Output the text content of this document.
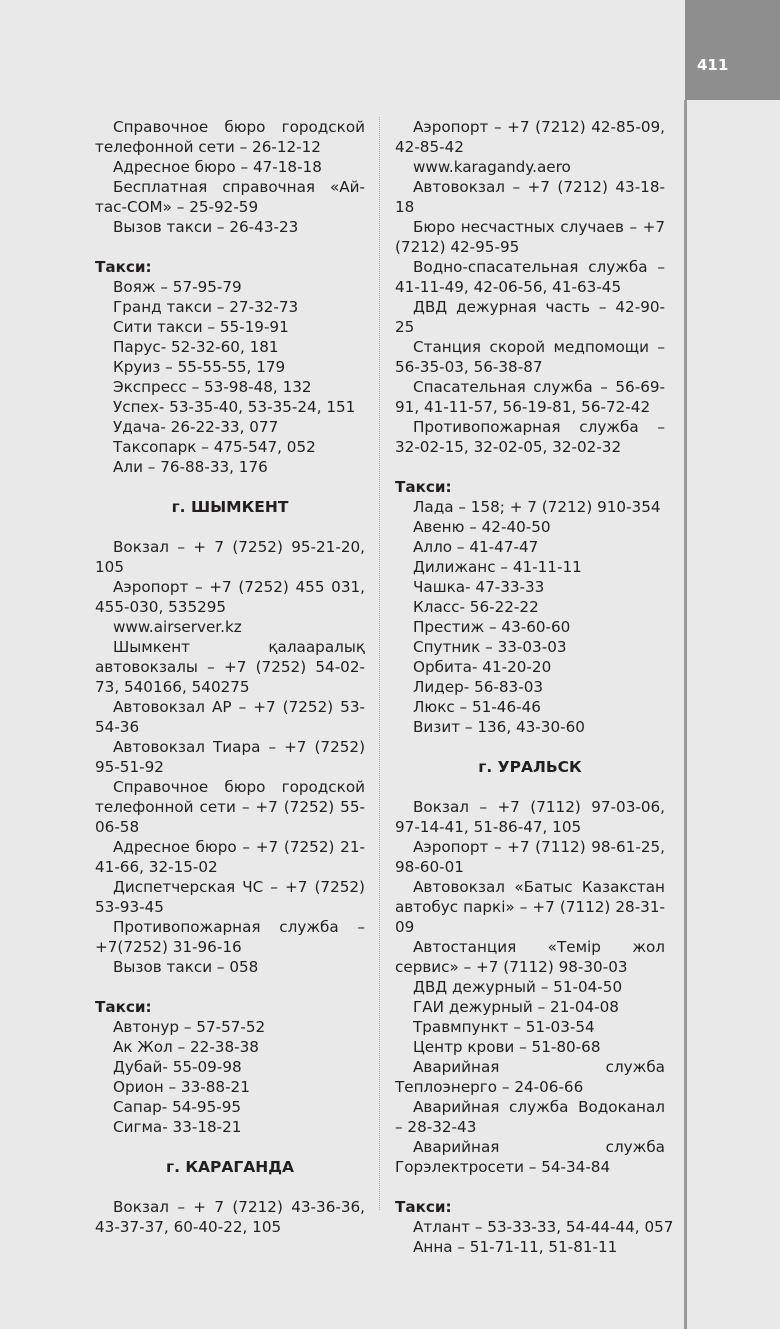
411

Справочное бюро городской телефонной сети – 26-12-12

Адресное бюро – 47-18-18

Бесплатная справочная «Айтас-СОМ» – 25-92-59

Вызов такси – 26-43-23

Такси:

Вояж – 57-95-79

Гранд такси – 27-32-73

Сити такси – 55-19-91

Парус- 52-32-60, 181

Круиз – 55-55-55, 179

Экспресс – 53-98-48, 132

Успех- 53-35-40, 53-35-24, 151

Удача- 26-22-33, 077

Таксопарк – 475-547, 052

Али – 76-88-33, 176

г. ШЫМКЕНТ

Вокзал – + 7 (7252) 95-21-20, 105

Аэропорт – +7 (7252) 455 031, 455-030, 535295

www.airserver.kz

Шымкент қалааралық автовокзалы – +7 (7252) 54-02-73, 540166, 540275

Автовокзал АР – +7 (7252) 53-54-36

Автовокзал Тиара – +7 (7252) 95-51-92

Справочное бюро городской телефонной сети – +7 (7252) 55-06-58

Адресное бюро – +7 (7252) 21-41-66, 32-15-02

Диспетчерская ЧС – +7 (7252) 53-93-45

Противопожарная служба – +7(7252) 31-96-16

Вызов такси – 058

Такси:

Автонур – 57-57-52

Ак Жол – 22-38-38

Дубай- 55-09-98

Орион – 33-88-21

Сапар- 54-95-95

Сигма- 33-18-21

г. КАРАГАНДА

Вокзал – + 7 (7212) 43-36-36, 43-37-37, 60-40-22, 105

Аэропорт – +7 (7212) 42-85-09, 42-85-42

www.karagandy.aero

Автовокзал – +7 (7212) 43-18-18

Бюро несчастных случаев – +7 (7212) 42-95-95

Водно-спасательная служба – 41-11-49, 42-06-56, 41-63-45

ДВД дежурная часть – 42-90-25

Станция скорой медпомощи – 56-35-03, 56-38-87

Спасательная служба – 56-69-91, 41-11-57, 56-19-81, 56-72-42

Противопожарная служба – 32-02-15, 32-02-05, 32-02-32

Такси:

Лада – 158; + 7 (7212) 910-354

Авеню – 42-40-50

Алло – 41-47-47

Дилижанс – 41-11-11

Чашка- 47-33-33

Класс- 56-22-22

Престиж – 43-60-60

Спутник – 33-03-03

Орбита- 41-20-20

Лидер- 56-83-03

Люкс – 51-46-46

Визит – 136, 43-30-60

г. УРАЛЬСК

Вокзал – +7 (7112) 97-03-06, 97-14-41, 51-86-47, 105

Аэропорт – +7 (7112) 98-61-25, 98-60-01

Автовокзал «Батыс Казакстан автобус паркі» – +7 (7112) 28-31-09

Автостанция «Темір жол сервис» – +7 (7112) 98-30-03

ДВД дежурный – 51-04-50

ГАИ дежурный – 21-04-08

Травмпункт – 51-03-54

Центр крови – 51-80-68

Аварийная служба Теплоэнерго – 24-06-66

Аварийная служба Водоканал – 28-32-43

Аварийная служба Горэлектросети – 54-34-84

Такси:

Атлант – 53-33-33, 54-44-44, 057

Анна – 51-71-11, 51-81-11
